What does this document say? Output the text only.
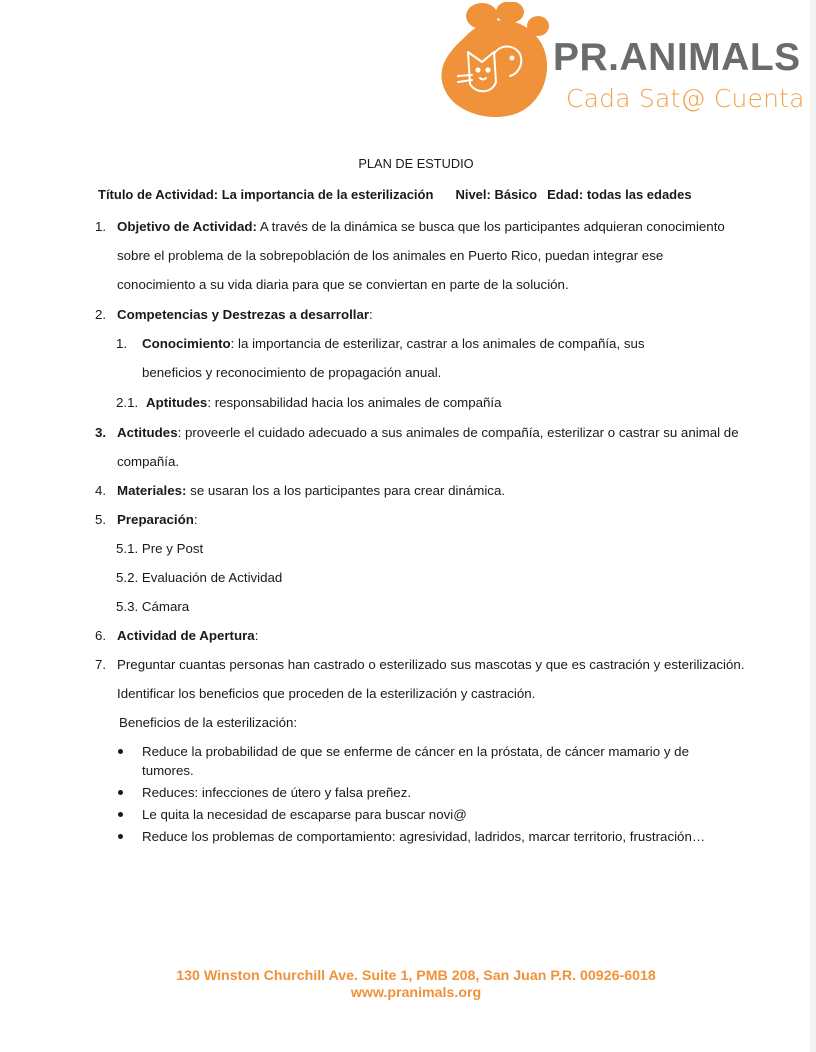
PR.ANIMALS
Cada Sat@ Cuenta
PLAN DE ESTUDIO
Título de Actividad: La importancia de la esterilización Nivel: Básico Edad: todas las edades
1. Objetivo de Actividad: A través de la dinámica se busca que los participantes adquieran conocimiento sobre el problema de la sobrepoblación de los animales en Puerto Rico, puedan integrar ese conocimiento a su vida diaria para que se conviertan en parte de la solución.
2. Competencias y Destrezas a desarrollar:
1. Conocimiento: la importancia de esterilizar, castrar a los animales de compañía, sus beneficios y reconocimiento de propagación anual.
2.1. Aptitudes: responsabilidad hacia los animales de compañía
3. Actitudes: proveerle el cuidado adecuado a sus animales de compañía, esterilizar o castrar su animal de compañía.
4. Materiales: se usaran los a los participantes para crear dinámica.
5. Preparación:
5.1. Pre y Post
5.2. Evaluación de Actividad
5.3. Cámara
6. Actividad de Apertura:
7. Preguntar cuantas personas han castrado o esterilizado sus mascotas y que es castración y esterilización. Identificar los beneficios que proceden de la esterilización y castración.
Beneficios de la esterilización:
Reduce la probabilidad de que se enferme de cáncer en la próstata, de cáncer mamario y de tumores.
Reduces: infecciones de útero y falsa preñez.
Le quita la necesidad de escaparse para buscar novi@
Reduce los problemas de comportamiento: agresividad, ladridos, marcar territorio, frustración…
130 Winston Churchill Ave. Suite 1, PMB 208, San Juan P.R. 00926-6018
www.pranimals.org
